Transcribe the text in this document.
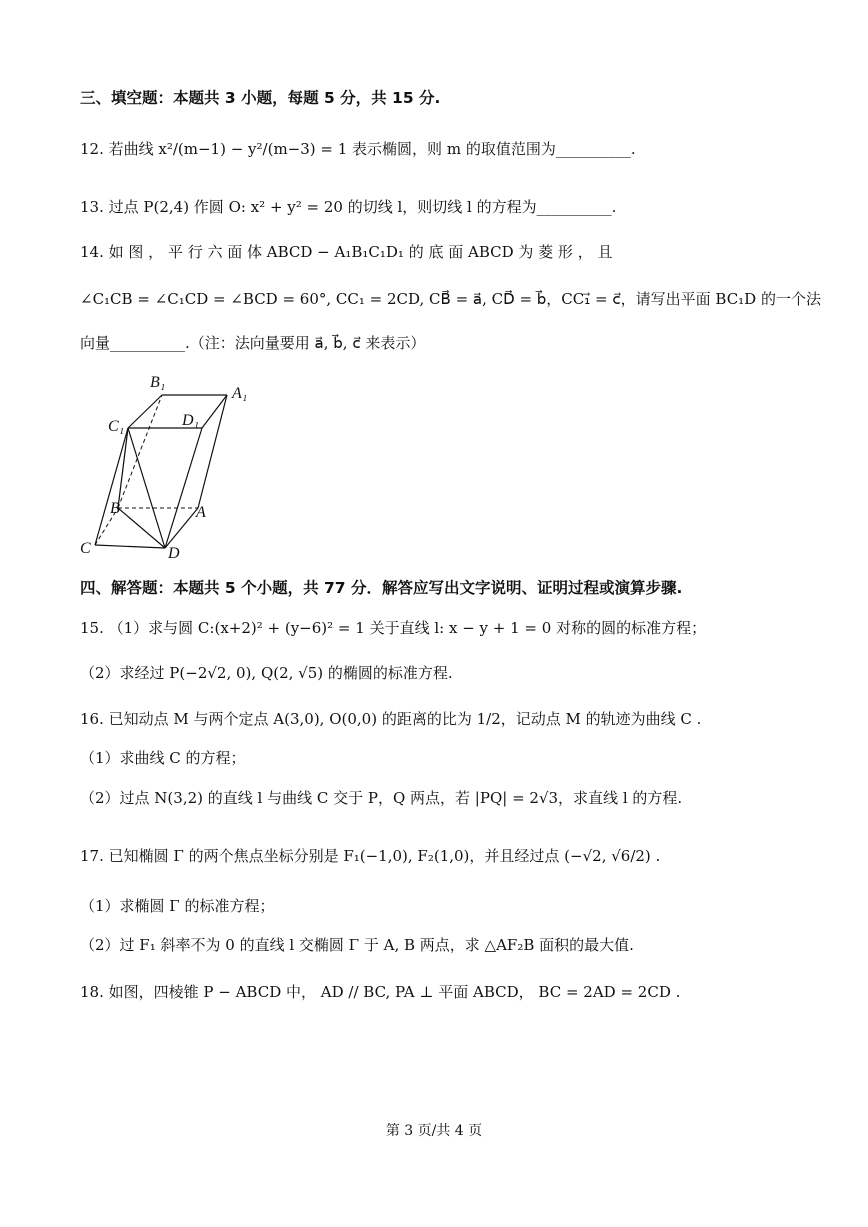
三、填空题：本题共 3 小题，每题 5 分，共 15 分.
12. 若曲线 x²/(m−1) − y²/(m−3) = 1 表示椭圆，则 m 的取值范围为__________.
13. 过点 P(2,4) 作圆 O: x² + y² = 20 的切线 l，则切线 l 的方程为__________.
14. 如 图 ， 平 行 六 面 体 ABCD − A₁B₁C₁D₁ 的 底 面 ABCD 为 菱 形 ， 且
∠C₁CB = ∠C₁CD = ∠BCD = 60°, CC₁ = 2CD, CB⃗ = a⃗, CD⃗ = b⃗，CC₁⃗ = c⃗，请写出平面 BC₁D 的一个法
向量__________.（注：法向量要用 a⃗, b⃗, c⃗ 来表示）
B₁
A₁
C₁	D₁
B	A
C	D
四、解答题：本题共 5 个小题，共 77 分．解答应写出文字说明、证明过程或演算步骤.
15. （1）求与圆 C:(x+2)² + (y−6)² = 1 关于直线 l: x − y + 1 = 0 对称的圆的标准方程；
（2）求经过 P(−2√2, 0), Q(2, √5) 的椭圆的标准方程.
16. 已知动点 M 与两个定点 A(3,0), O(0,0) 的距离的比为 1/2，记动点 M 的轨迹为曲线 C .
（1）求曲线 C 的方程；
（2）过点 N(3,2) 的直线 l 与曲线 C 交于 P，Q 两点，若 |PQ| = 2√3，求直线 l 的方程.
17. 已知椭圆 Γ 的两个焦点坐标分别是 F₁(−1,0), F₂(1,0)，并且经过点 (−√2, √6/2) .
（1）求椭圆 Γ 的标准方程；
（2）过 F₁ 斜率不为 0 的直线 l 交椭圆 Γ 于 A, B 两点，求 △AF₂B 面积的最大值.
18. 如图，四棱锥 P − ABCD 中， AD // BC, PA ⊥ 平面 ABCD， BC = 2AD = 2CD .
第 3 页/共 4 页
